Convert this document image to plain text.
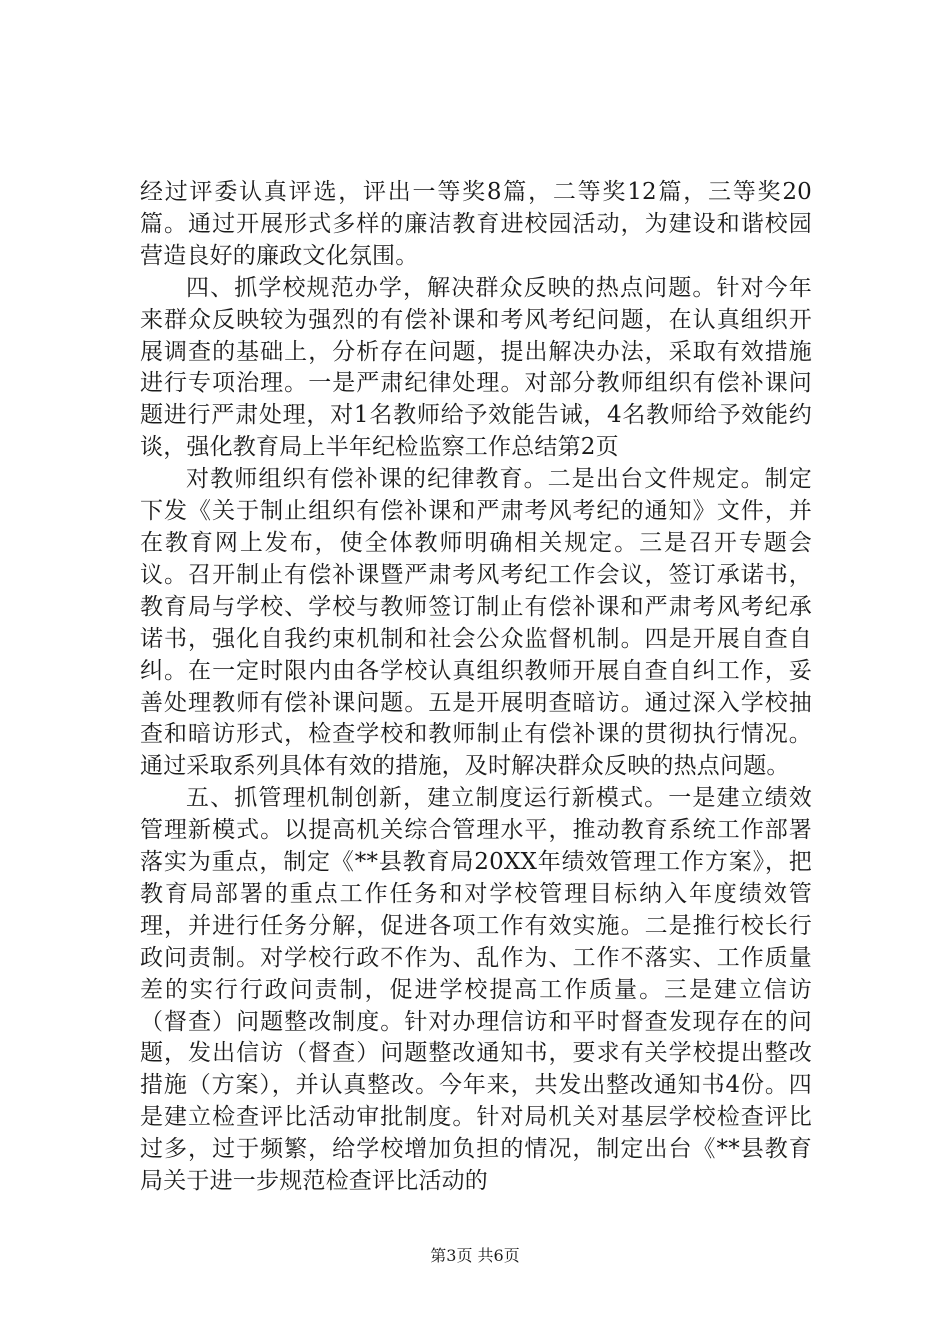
经过评委认真评选，评出一等奖8篇，二等奖12篇，三等奖20篇。通过开展形式多样的廉洁教育进校园活动，为建设和谐校园营造良好的廉政文化氛围。

四、抓学校规范办学，解决群众反映的热点问题。针对今年来群众反映较为强烈的有偿补课和考风考纪问题，在认真组织开展调查的基础上，分析存在问题，提出解决办法，采取有效措施进行专项治理。一是严肃纪律处理。对部分教师组织有偿补课问题进行严肃处理，对1名教师给予效能告诫，4名教师给予效能约谈，强化教育局上半年纪检监察工作总结第2页

对教师组织有偿补课的纪律教育。二是出台文件规定。制定下发《关于制止组织有偿补课和严肃考风考纪的通知》文件，并在教育网上发布，使全体教师明确相关规定。三是召开专题会议。召开制止有偿补课暨严肃考风考纪工作会议，签订承诺书，教育局与学校、学校与教师签订制止有偿补课和严肃考风考纪承诺书，强化自我约束机制和社会公众监督机制。四是开展自查自纠。在一定时限内由各学校认真组织教师开展自查自纠工作，妥善处理教师有偿补课问题。五是开展明查暗访。通过深入学校抽查和暗访形式，检查学校和教师制止有偿补课的贯彻执行情况。通过采取系列具体有效的措施，及时解决群众反映的热点问题。

五、抓管理机制创新，建立制度运行新模式。一是建立绩效管理新模式。以提高机关综合管理水平，推动教育系统工作部署落实为重点，制定《**县教育局20XX年绩效管理工作方案》，把教育局部署的重点工作任务和对学校管理目标纳入年度绩效管理，并进行任务分解，促进各项工作有效实施。二是推行校长行政问责制。对学校行政不作为、乱作为、工作不落实、工作质量差的实行行政问责制，促进学校提高工作质量。三是建立信访（督查）问题整改制度。针对办理信访和平时督查发现存在的问题，发出信访（督查）问题整改通知书，要求有关学校提出整改措施（方案），并认真整改。今年来，共发出整改通知书4份。四是建立检查评比活动审批制度。针对局机关对基层学校检查评比过多，过于频繁，给学校增加负担的情况，制定出台《**县教育局关于进一步规范检查评比活动的

第3页 共6页
